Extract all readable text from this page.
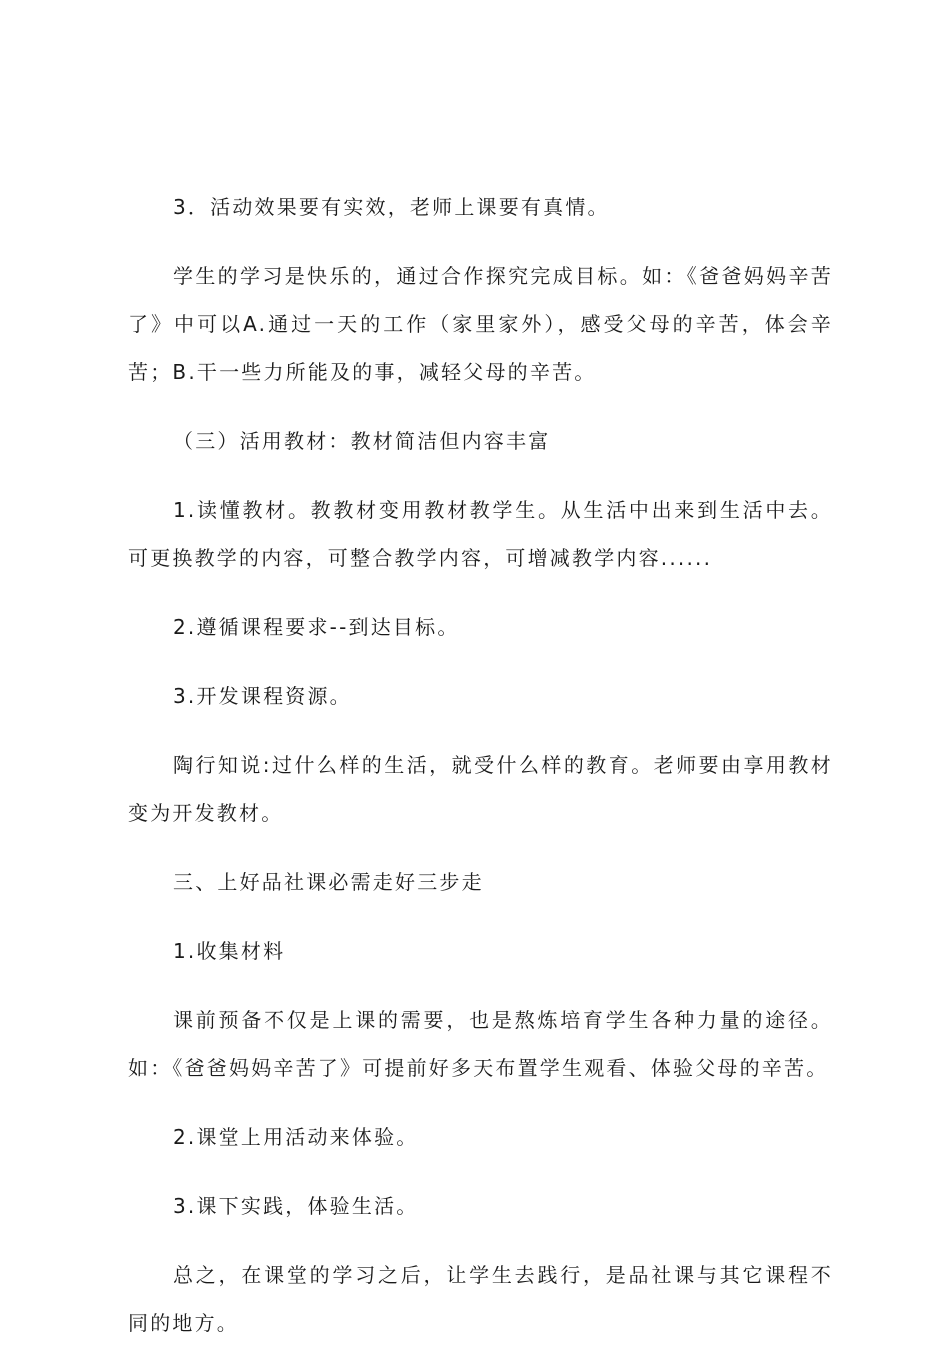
3．活动效果要有实效，老师上课要有真情。

学生的学习是快乐的，通过合作探究完成目标。如：《爸爸妈妈辛苦了》中可以A.通过一天的工作（家里家外），感受父母的辛苦，体会辛苦；B.干一些力所能及的事，减轻父母的辛苦。

（三）活用教材：教材简洁但内容丰富

1.读懂教材。教教材变用教材教学生。从生活中出来到生活中去。可更换教学的内容，可整合教学内容，可增减教学内容......

2.遵循课程要求--到达目标。

3.开发课程资源。

陶行知说:过什么样的生活，就受什么样的教育。老师要由享用教材变为开发教材。

三、上好品社课必需走好三步走

1.收集材料

课前预备不仅是上课的需要，也是熬炼培育学生各种力量的途径。如：《爸爸妈妈辛苦了》可提前好多天布置学生观看、体验父母的辛苦。

2.课堂上用活动来体验。

3.课下实践，体验生活。

总之，在课堂的学习之后，让学生去践行，是品社课与其它课程不同的地方。
